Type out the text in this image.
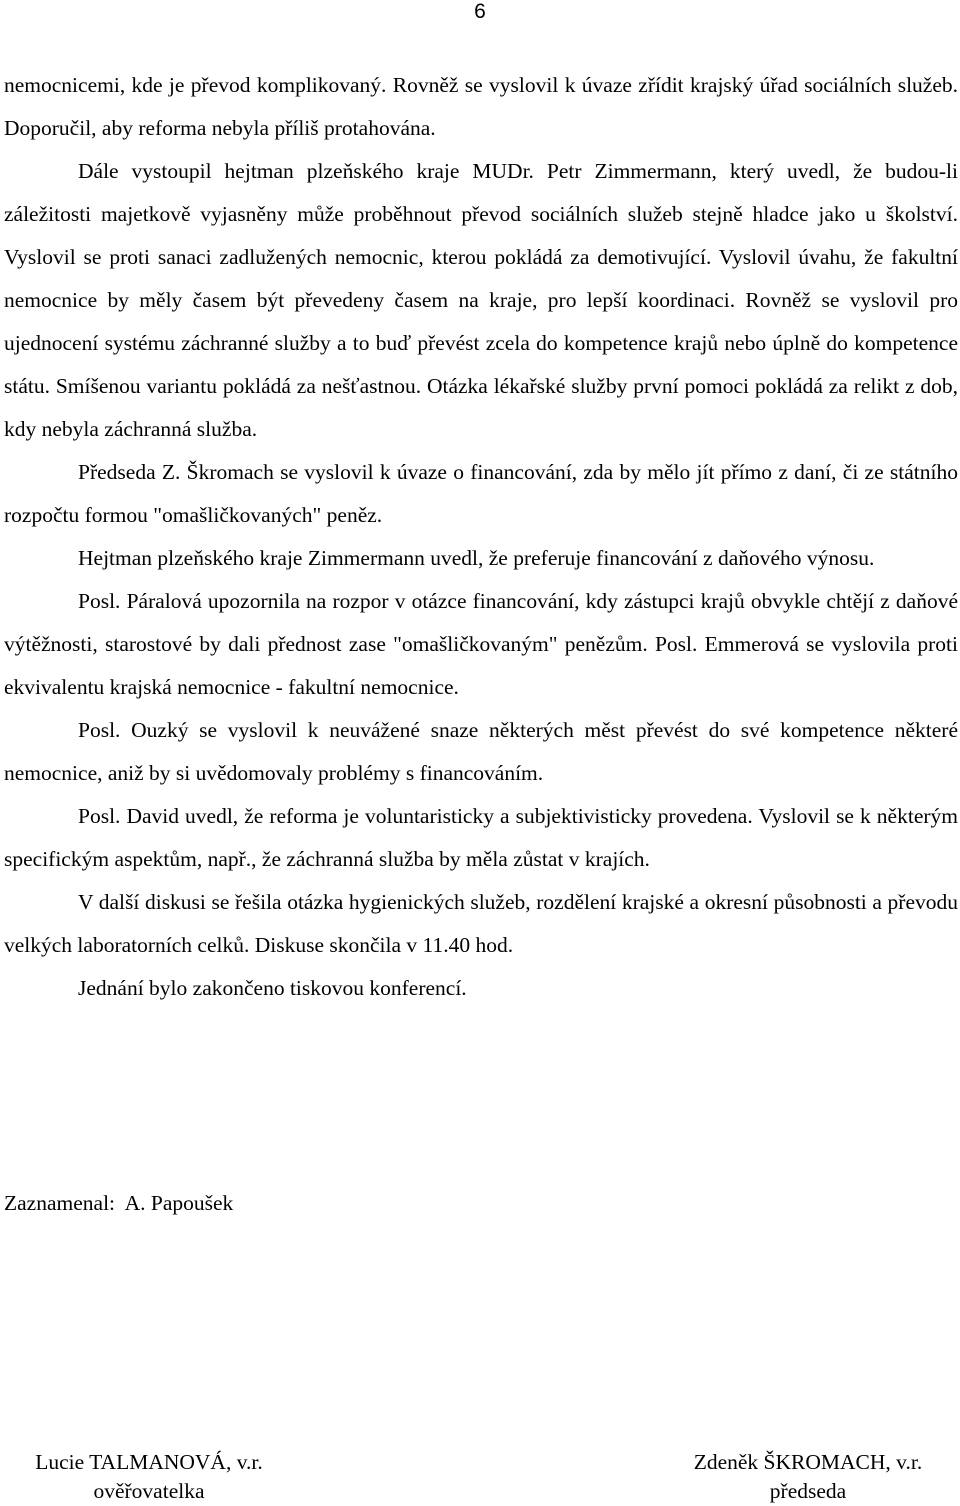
6

nemocnicemi, kde je převod komplikovaný. Rovněž se vyslovil k úvaze zřídit krajský úřad sociálních služeb. Doporučil, aby reforma nebyla příliš protahována.

Dále vystoupil hejtman plzeňského kraje MUDr. Petr Zimmermann, který uvedl, že budou-li záležitosti majetkově vyjasněny může proběhnout převod sociálních služeb stejně hladce jako u školství. Vyslovil se proti sanaci zadlužených nemocnic, kterou pokládá za demotivující. Vyslovil úvahu, že fakultní nemocnice by měly časem být převedeny časem na kraje, pro lepší koordinaci. Rovněž se vyslovil pro ujednocení systému záchranné služby a to buď převést zcela do kompetence krajů nebo úplně do kompetence státu. Smíšenou variantu pokládá za nešťastnou. Otázka lékařské služby první pomoci pokládá za relikt z dob, kdy nebyla záchranná služba.

Předseda Z. Škromach se vyslovil k úvaze o financování, zda by mělo jít přímo z daní, či ze státního rozpočtu formou "omašličkovaných" peněz.

Hejtman plzeňského kraje Zimmermann uvedl, že preferuje financování z daňového výnosu.

Posl. Páralová upozornila na rozpor v otázce financování, kdy zástupci krajů obvykle chtějí z daňové výtěžnosti, starostové by dali přednost zase "omašličkovaným" penězům. Posl. Emmerová se vyslovila proti ekvivalentu krajská nemocnice - fakultní nemocnice.

Posl. Ouzký se vyslovil k neuvážené snaze některých měst převést do své kompetence některé nemocnice, aniž by si uvědomovaly problémy s financováním.

Posl. David uvedl, že reforma je voluntaristicky a subjektivisticky provedena. Vyslovil se k některým specifickým aspektům, např., že záchranná služba by měla zůstat v krajích.

V další diskusi se řešila otázka hygienických služeb, rozdělení krajské a okresní působnosti a převodu velkých laboratorních celků. Diskuse skončila v 11.40 hod.

Jednání bylo zakončeno tiskovou konferencí.

Zaznamenal:  A. Papoušek
Lucie TALMANOVÁ, v.r.
ověřovatelka
Zdeněk ŠKROMACH, v.r.
předseda
